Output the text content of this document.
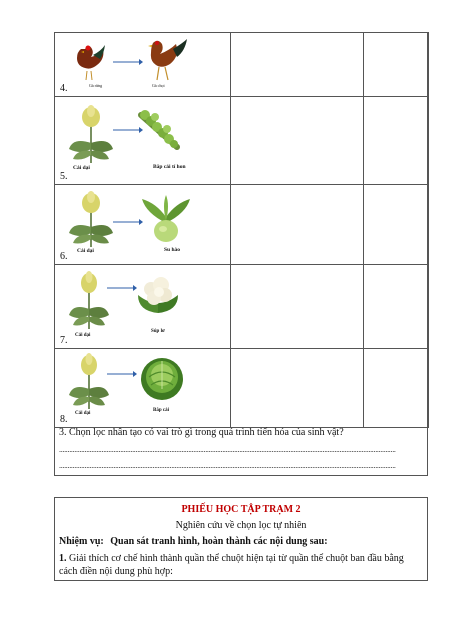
Gà rừng Gà chọi
4.		

Cải dại Bắp cải tí hon
5.		

Cải dại Su hào
6.		

Cải dại
Súp lơ
7.		

Cải dại
Bắp cải
8.		

3. Chọn lọc nhân tạo có vai trò gì trong quá trình tiến hóa của sinh vật?
......................................................................................................................................................................................................
......................................................................................................................................................................................................
PHIẾU HỌC TẬP TRẠM 2
Nghiên cứu về chọn lọc tự nhiên
Nhiệm vụ: Quan sát tranh hình, hoàn thành các nội dung sau:
1. Giải thích cơ chế hình thành quần thể chuột hiện tại từ quần thể chuột ban đầu bằng cách điền nội dung phù hợp:
